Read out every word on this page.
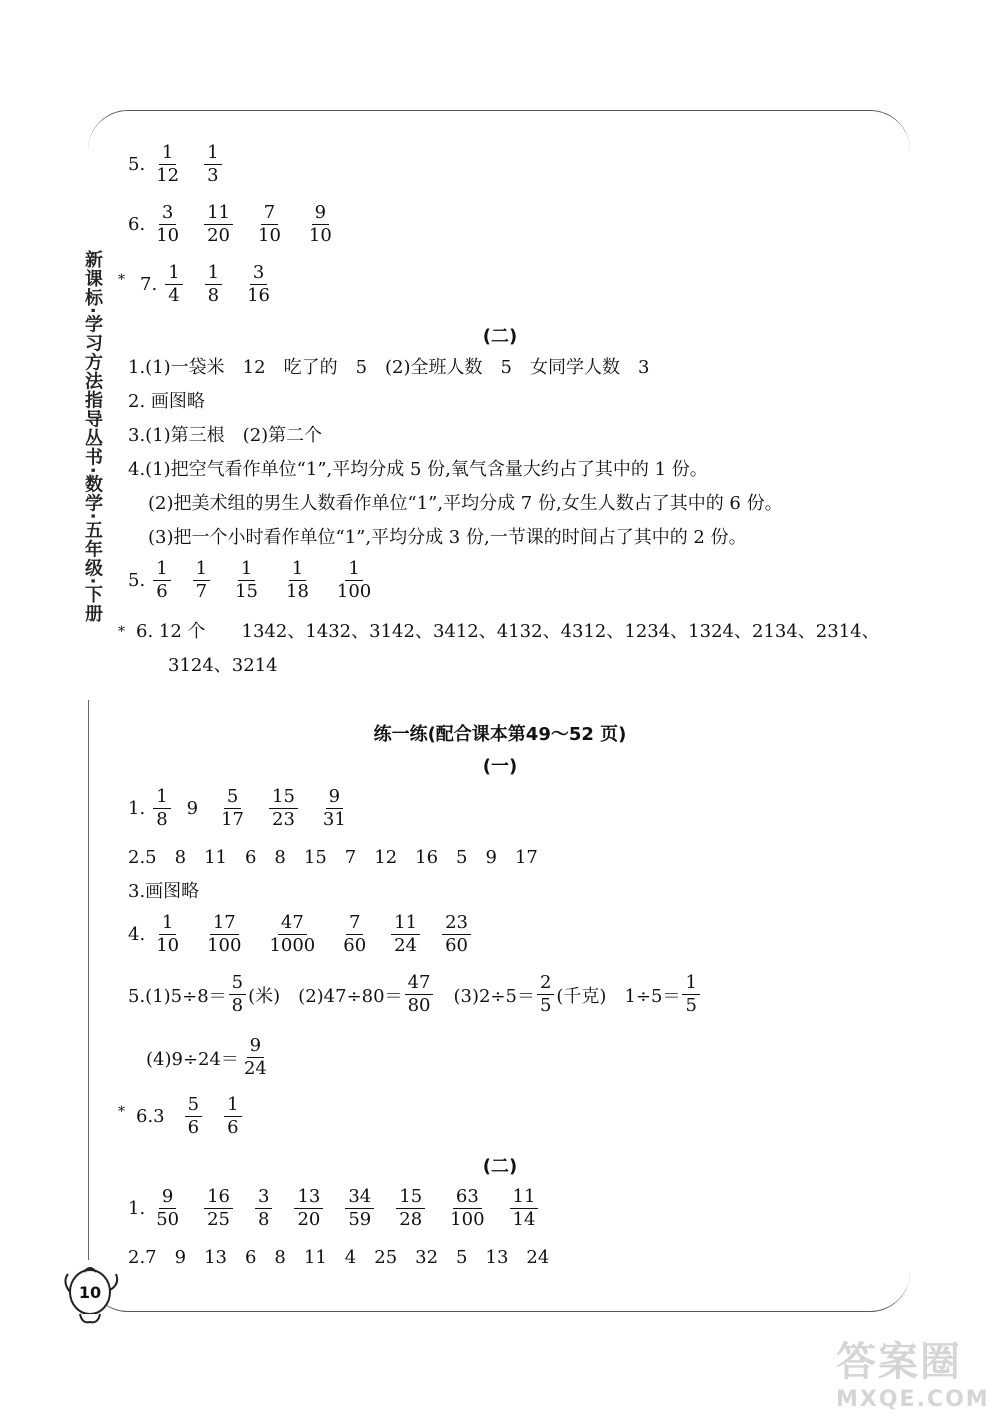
新课标·学习方法指导丛书·数学·五年级·下册
5. $\frac{1}{12} \frac{1}{3}$
6. $\frac{3}{10} \frac{11}{20} \frac{7}{10} \frac{9}{10}$
* 7. $\frac{1}{4} \frac{1}{8} \frac{3}{16}$
(二)
1.(1)一袋米　12　吃了的　5　(2)全班人数　5　女同学人数　3
2. 画图略
3.(1)第三根　(2)第二个
4.(1)把空气看作单位“1”,平均分成 5 份,氧气含量大约占了其中的 1 份。
(2)把美术组的男生人数看作单位“1”,平均分成 7 份,女生人数占了其中的 6 份。
(3)把一个小时看作单位“1”,平均分成 3 份,一节课的时间占了其中的 2 份。
5. $\frac{1}{6} \frac{1}{7} \frac{1}{15} \frac{1}{18} \frac{1}{100}$
* 6. 12 个　　1342、1432、3142、3412、4132、4312、1234、1324、2134、2314、
3124、3214
练一练(配合课本第49～52 页)
(一)
1. $\frac{1}{8} 9 \frac{5}{17} \frac{15}{23} \frac{9}{31}$
2.5　8　11　6　8　15　7　12　16　5　9　17
3.画图略
4. $\frac{1}{10} \frac{17}{100} \frac{47}{1000} \frac{7}{60} \frac{11}{24} \frac{23}{60}$
$5.(1)5\div 8= \frac{5}{8}$ (米) $(2)47\div 80= \frac{47}{80} (3)2\div 5= \frac{2}{5}$ (千克) $1\div 5= \frac{1}{5}$
$(4)9\div 24= \frac{9}{24}$
* $6.3 \frac{5}{6} \frac{1}{6}$
(二)
1. $\frac{9}{50} \frac{16}{25} \frac{3}{8} \frac{13}{20} \frac{34}{59} \frac{15}{28} \frac{63}{100} \frac{11}{14}$
2.7　9　13　6　8　11　4　25　32　5　13　24
10
答案圈
MXQE.COM
